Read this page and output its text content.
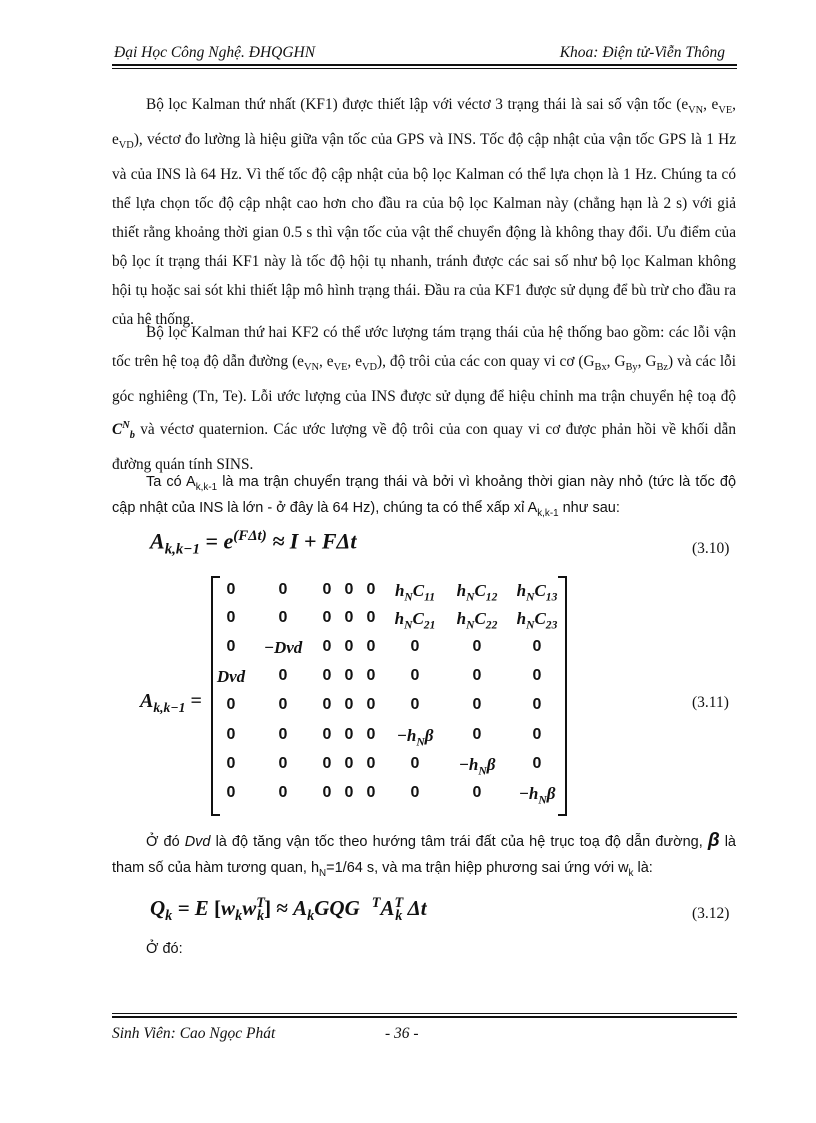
Đại Học Công Nghệ. ĐHQGHN	Khoa: Điện tử-Viễn Thông
Bộ lọc Kalman thứ nhất (KF1) được thiết lập với véctơ 3 trạng thái là sai số vận tốc ($e_{VN}$, $e_{VE}$, $e_{VD}$), véctơ đo lường là hiệu giữa vận tốc của GPS và INS. Tốc độ cập nhật của vận tốc GPS là 1 Hz và của INS là 64 Hz. Vì thế tốc độ cập nhật của bộ lọc Kalman có thể lựa chọn là 1 Hz. Chúng ta có thể lựa chọn tốc độ cập nhật cao hơn cho đầu ra của bộ lọc Kalman này (chẳng hạn là 2 s) với giả thiết rằng khoảng thời gian 0.5 s thì vận tốc của vật thể chuyển động là không thay đổi. Ưu điểm của bộ lọc ít trạng thái KF1 này là tốc độ hội tụ nhanh, tránh được các sai số như bộ lọc Kalman không hội tụ hoặc sai sót khi thiết lập mô hình trạng thái. Đầu ra của KF1 được sử dụng để bù trừ cho đầu ra của hệ thống.
Bộ lọc Kalman thứ hai KF2 có thể ước lượng tám trạng thái của hệ thống bao gồm: các lỗi vận tốc trên hệ toạ độ dẫn đường ($e_{VN}$, $e_{VE}$, $e_{VD}$), độ trôi của các con quay vi cơ ($G_{Bx}$, $G_{By}$, $G_{Bz}$) và các lỗi góc nghiêng (Tn, Te). Lỗi ước lượng của INS được sử dụng để hiệu chỉnh ma trận chuyển hệ toạ độ $C^N_b$ và véctơ quaternion. Các ước lượng về độ trôi của con quay vi cơ được phản hồi về khối dẫn đường quán tính SINS.
Ta có $A_{k,k-1}$ là ma trận chuyển trạng thái và bởi vì khoảng thời gian này nhỏ (tức là tốc độ cập nhật của INS là lớn - ở đây là 64 Hz), chúng ta có thể xấp xỉ $A_{k,k-1}$ như sau:
$A_{k,k-1} = e^{(F\Delta t)} \approx I + F\Delta t$	(3.10)
$A_{k,k-1}$ =
0	0	0 0 0	$h_NC_{11}$	$h_NC_{12}$	$h_NC_{13}$
0	0	0 0 0	$h_NC_{21}$	$h_NC_{22}$	$h_NC_{23}$
0	−Dvd	0 0 0	0	0	0
Dvd	0	0 0 0	0	0	0
0	0	0 0 0	0	0	0
0	0	0 0 0	$-h_N\beta$	0	0
0	0	0 0 0	0	$-h_N\beta$	0
0	0	0 0 0	0	0	$-h_N\beta$
(3.11)
Ở đó Dvd là độ tăng vận tốc theo hướng tâm trái đất của hệ trục toạ độ dẫn đường, β là tham số của hàm tương quan, $h_N=1/64$ s, và ma trận hiệp phương sai ứng với $w_k$ là:
$Q_k = E$ $[w_kw^T_k] \approx A_kGQG$ $^TA^T_k$ Δt	(3.12)
Ở đó:
Sinh Viên: Cao Ngọc Phát	- 36 -
